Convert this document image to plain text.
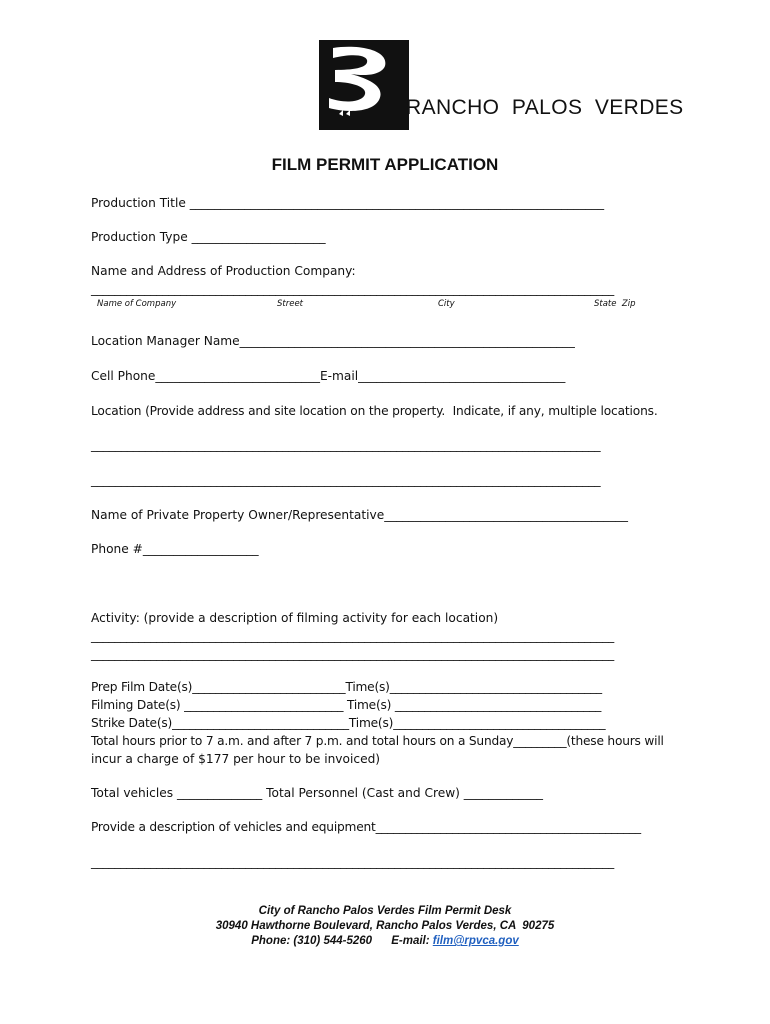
RANCHO  PALOS  VERDES
FILM PERMIT APPLICATION
Production Title ____________________________________________________________________
Production Type ______________________
Name and Address of Production Company:
________________________________________________________________________________________
Name of Company	Street	City	State  Zip
Location Manager Name_______________________________________________________
Cell Phone___________________________E-mail__________________________________
Location (Provide address and site location on the property.  Indicate, if any, multiple locations.
_____________________________________________________________________________________
_____________________________________________________________________________________
Name of Private Property Owner/Representative________________________________________
Phone #___________________
Activity: (provide a description of filming activity for each location)
________________________________________________________________________________________
________________________________________________________________________________________
Prep Film Date(s)__________________________Time(s)____________________________________
Filming Date(s) ___________________________ Time(s) ___________________________________
Strike Date(s)______________________________Time(s)____________________________________
Total hours prior to 7 a.m. and after 7 p.m. and total hours on a Sunday_________(these hours will
incur a charge of $177 per hour to be invoiced)
Total vehicles ______________ Total Personnel (Cast and Crew) _____________
Provide a description of vehicles and equipment_____________________________________________
________________________________________________________________________________________
City of Rancho Palos Verdes Film Permit Desk
30940 Hawthorne Boulevard, Rancho Palos Verdes, CA  90275
Phone: (310) 544-5260 E-mail: film@rpvca.gov
